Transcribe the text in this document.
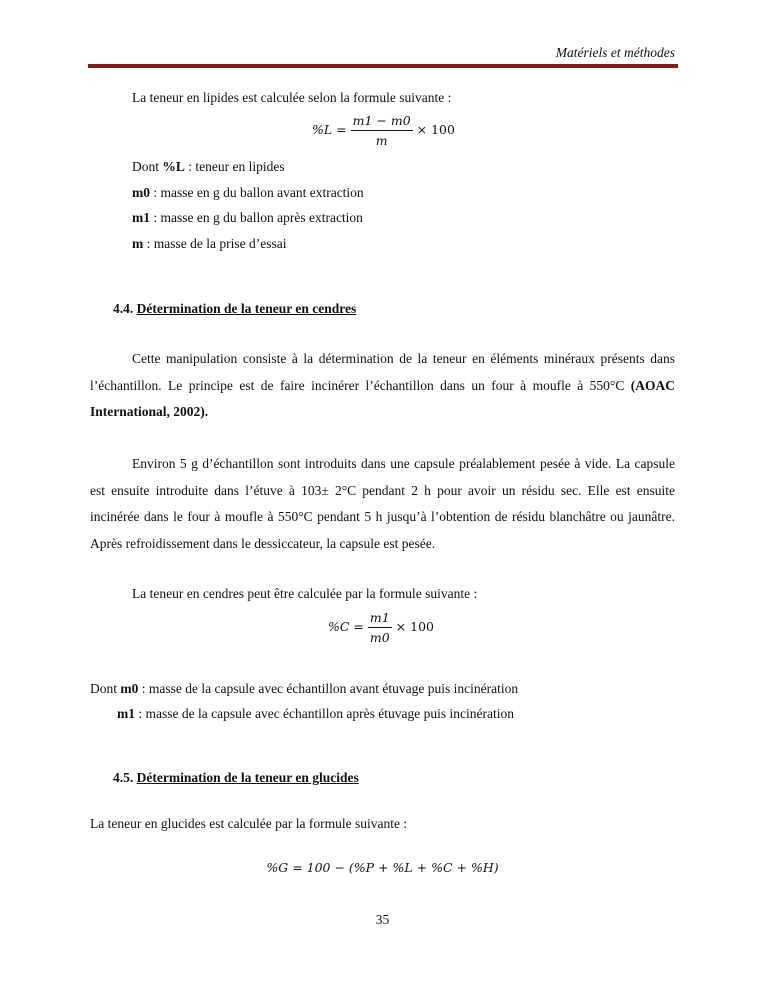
Matériels et méthodes
La teneur en lipides est calculée selon la formule suivante :
$\%L = \frac{m1 - m0}{m} \times 100$
Dont %L : teneur en lipides
m0 : masse en g du ballon avant extraction
m1 : masse en g du ballon après extraction
m : masse de la prise d’essai
4.4. Détermination de la teneur en cendres
Cette manipulation consiste à la détermination de la teneur en éléments minéraux présents dans l’échantillon. Le principe est de faire incinérer l’échantillon dans un four à moufle à 550°C (AOAC International, 2002).
Environ 5 g d’échantillon sont introduits dans une capsule préalablement pesée à vide. La capsule est ensuite introduite dans l’étuve à 103± 2°C pendant 2 h pour avoir un résidu sec. Elle est ensuite incinérée dans le four à moufle à 550°C pendant 5 h jusqu’à l’obtention de résidu blanchâtre ou jaunâtre. Après refroidissement dans le dessiccateur, la capsule est pesée.
La teneur en cendres peut être calculée par la formule suivante :
$\%C = \frac{m1}{m0} \times 100$
Dont m0 : masse de la capsule avec échantillon avant étuvage puis incinération
m1 : masse de la capsule avec échantillon après étuvage puis incinération
4.5. Détermination de la teneur en glucides
La teneur en glucides est calculée par la formule suivante :
%G = 100 − (%P + %L + %C + %H)
35
